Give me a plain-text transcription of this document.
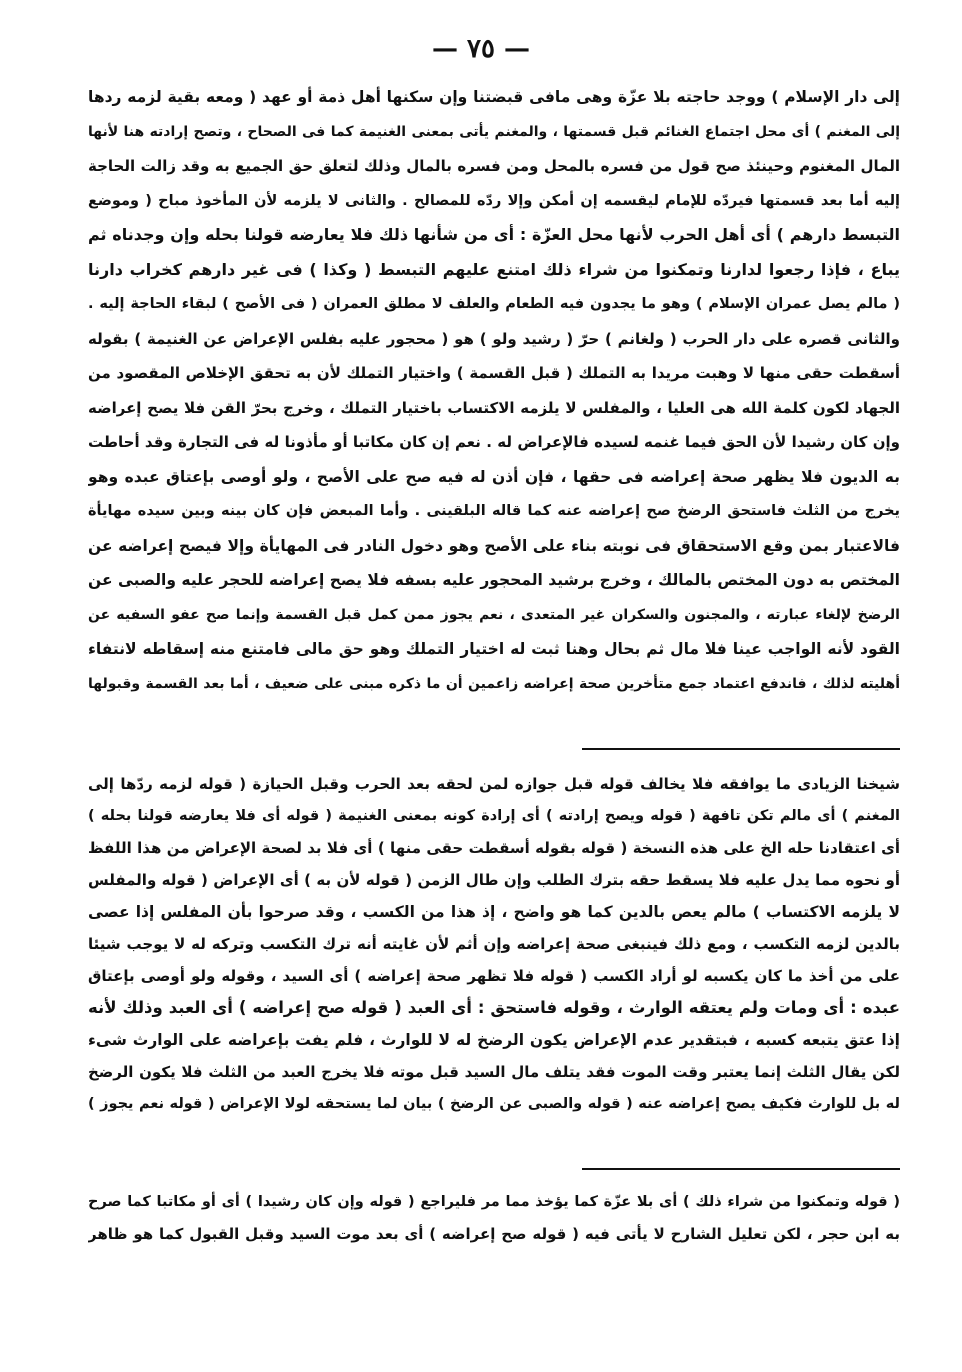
— ٧٥ —
إلى دار الإسلام ) ووجد حاجته بلا عزّة وهى مافى قبضتنا وإن سكنها أهل ذمة أو عهد ( ومعه بقية لزمه ردها
إلى المغنم ) أى محل اجتماع الغنائم قبل قسمتها ، والمغنم يأتى بمعنى الغنيمة كما فى الصحاح ، وتصح إرادته هنا لأنها
المال المغنوم وحينئذ صح قول من فسره بالمحل ومن فسره بالمال وذلك لتعلق حق الجميع به وقد زالت الحاجة
إليه أما بعد قسمتها فيردّه للإمام ليقسمه إن أمكن وإلا ردّه للمصالح . والثانى لا يلزمه لأن المأخوذ مباح ( وموضع
التبسط دارهم ) أى أهل الحرب لأنها محل العزّة : أى من شأنها ذلك فلا يعارضه قولنا بحله وإن وجدناه ثم
يباع ، فإذا رجعوا لدارنا وتمكنوا من شراء ذلك امتنع عليهم التبسط ( وكذا ) فى غير دارهم كخراب دارنا
( مالم يصل عمران الإسلام ) وهو ما يجدون فيه الطعام والعلف لا مطلق العمران ( فى الأصح ) لبقاء الحاجة إليه .
والثانى قصره على دار الحرب ( ولغانم ) حرّ ( رشيد ولو ) هو ( محجور عليه بفلس الإعراض عن الغنيمة ) بقوله
أسقطت حقى منها لا وهبت مريدا به التملك ( قبل القسمة ) واختيار التملك لأن به تحقق الإخلاص المقصود من
الجهاد لكون كلمة الله هى العليا ، والمفلس لا يلزمه الاكتساب باختيار التملك ، وخرج بحرّ القن فلا يصح إعراضه
وإن كان رشيدا لأن الحق فيما غنمه لسيده فالإعراض له . نعم إن كان مكاتبا أو مأذونا له فى التجارة وقد أحاطت
به الديون فلا يظهر صحة إعراضه فى حقها ، فإن أذن له فيه صح على الأصح ، ولو أوصى بإعتاق عبده وهو
يخرج من الثلث فاستحق الرضخ صح إعراضه عنه كما قاله البلقينى . وأما المبعض فإن كان بينه وبين سيده مهايأة
فالاعتبار بمن وقع الاستحقاق فى نوبته بناء على الأصح وهو دخول النادر فى المهايأة وإلا فيصح إعراضه عن
المختص به دون المختص بالمالك ، وخرج برشيد المحجور عليه بسفه فلا يصح إعراضه للحجر عليه والصبى عن
الرضخ لإلغاء عبارته ، والمجنون والسكران غير المتعدى ، نعم يجوز ممن كمل قبل القسمة وإنما صح عفو السفيه عن
القود لأنه الواجب عينا فلا مال ثم بحال وهنا ثبت له اختيار التملك وهو حق مالى فامتنع منه إسقاطه لانتفاء
أهليته لذلك ، فاندفع اعتماد جمع متأخرين صحة إعراضه زاعمين أن ما ذكره مبنى على ضعيف ، أما بعد القسمة وقبولها
شيخنا الزيادى ما يوافقه فلا يخالف قوله قبل جوازه لمن لحقه بعد الحرب وقبل الحيازة ( قوله لزمه ردّها إلى
المغنم ) أى مالم تكن تافهة ( قوله ويصح إرادته ) أى إرادة كونه بمعنى الغنيمة ( قوله أى فلا يعارضه قولنا بحله )
أى اعتقادنا حله الخ على هذه النسخة ( قوله بقوله أسقطت حقى منها ) أى فلا بد لصحة الإعراض من هذا اللفظ
أو نحوه مما يدل عليه فلا يسقط حقه بترك الطلب وإن طال الزمن ( قوله لأن به ) أى الإعراض ( قوله والمفلس
لا يلزمه الاكتساب ) مالم يعص بالدين كما هو واضح ، إذ هذا من الكسب ، وقد صرحوا بأن المفلس إذا عصى
بالدين لزمه التكسب ، ومع ذلك فينبغى صحة إعراضه وإن أثم لأن غايته أنه ترك التكسب وتركه له لا يوجب شيئا
على من أخذ ما كان يكسبه لو أراد الكسب ( قوله فلا تظهر صحة إعراضه ) أى السيد ، وقوله ولو أوصى بإعتاق
عبده : أى ومات ولم يعتقه الوارث ، وقوله فاستحق : أى العبد ( قوله صح إعراضه ) أى العبد وذلك لأنه
إذا عتق يتبعه كسبه ، فبتقدير عدم الإعراض يكون الرضخ له لا للوارث ، فلم يفت بإعراضه على الوارث شىء
لكن يقال الثلث إنما يعتبر وقت الموت فقد يتلف مال السيد قبل موته فلا يخرج العبد من الثلث فلا يكون الرضخ
له بل للوارث فكيف يصح إعراضه عنه ( قوله والصبى عن الرضخ ) بيان لما يستحقه لولا الإعراض ( قوله نعم يجوز )
( قوله وتمكنوا من شراء ذلك ) أى بلا عزّة كما يؤخذ مما مر فليراجع ( قوله وإن كان رشيدا ) أى أو مكاتبا كما صرح
به ابن حجر ، لكن تعليل الشارح لا يأتى فيه ( قوله صح إعراضه ) أى بعد موت السيد وقبل القبول كما هو ظاهر
